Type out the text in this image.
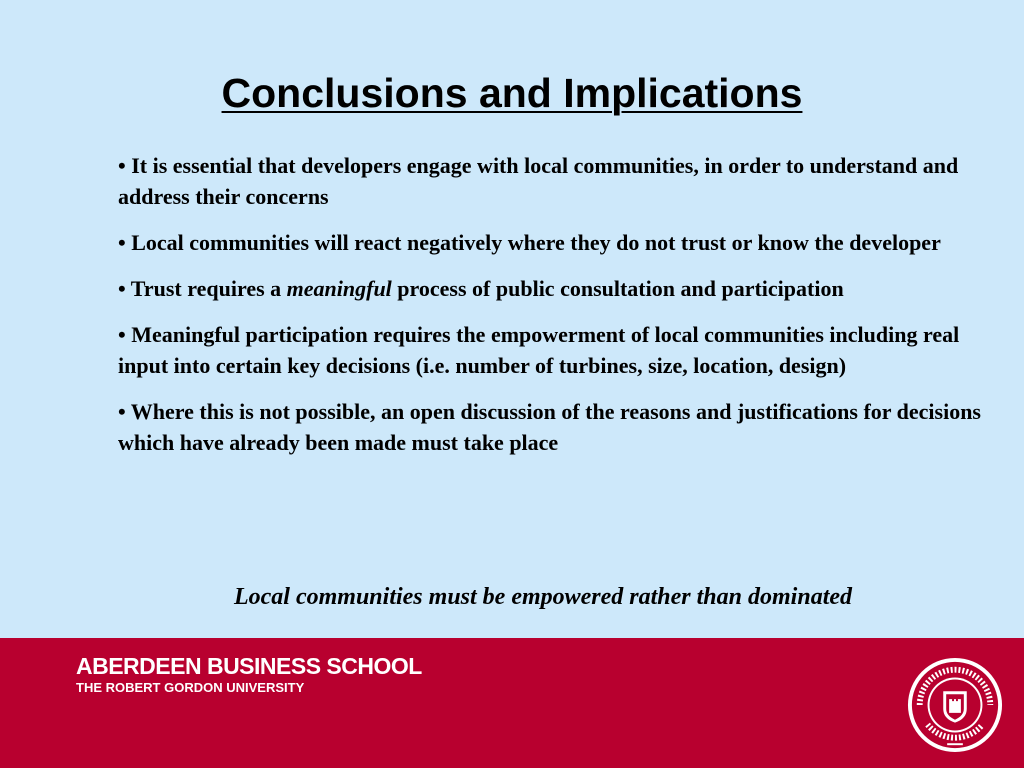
Conclusions and Implications
• It is essential that developers engage with local communities, in order to understand and address their concerns
• Local communities will react negatively where they do not trust or know the developer
• Trust requires a meaningful process of public consultation and participation
• Meaningful participation requires the empowerment of local communities including real input into certain key decisions (i.e. number of turbines, size, location, design)
• Where this is not possible, an open discussion of the reasons and justifications for decisions which have already been made must take place
Local communities must be empowered rather than dominated
ABERDEEN BUSINESS SCHOOL
THE ROBERT GORDON UNIVERSITY
